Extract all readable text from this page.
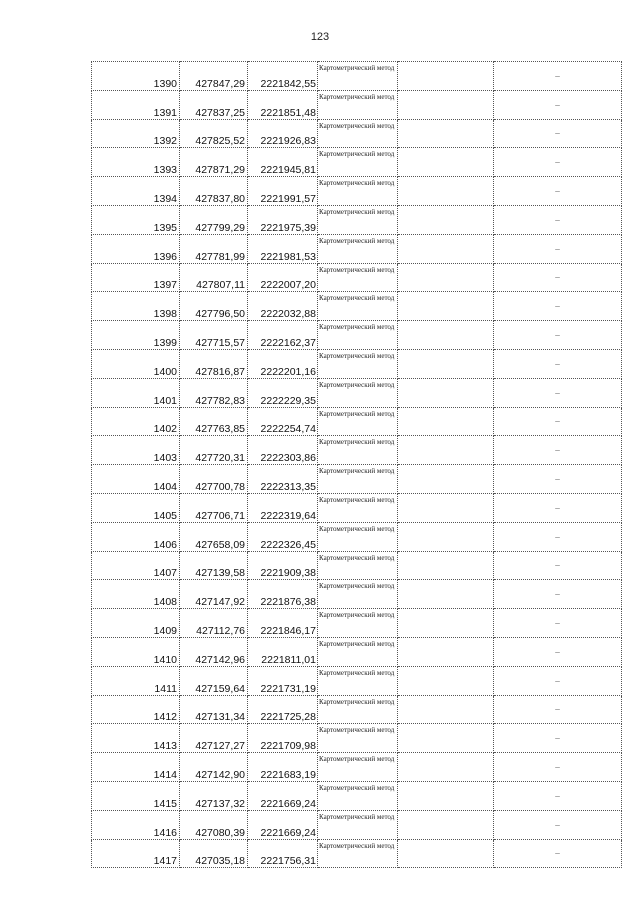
123
1390	427847,29	2221842,55	Картометрический метод		–
1391	427837,25	2221851,48	Картометрический метод		–
1392	427825,52	2221926,83	Картометрический метод		–
1393	427871,29	2221945,81	Картометрический метод		–
1394	427837,80	2221991,57	Картометрический метод		–
1395	427799,29	2221975,39	Картометрический метод		–
1396	427781,99	2221981,53	Картометрический метод		–
1397	427807,11	2222007,20	Картометрический метод		–
1398	427796,50	2222032,88	Картометрический метод		–
1399	427715,57	2222162,37	Картометрический метод		–
1400	427816,87	2222201,16	Картометрический метод		–
1401	427782,83	2222229,35	Картометрический метод		–
1402	427763,85	2222254,74	Картометрический метод		–
1403	427720,31	2222303,86	Картометрический метод		–
1404	427700,78	2222313,35	Картометрический метод		–
1405	427706,71	2222319,64	Картометрический метод		–
1406	427658,09	2222326,45	Картометрический метод		–
1407	427139,58	2221909,38	Картометрический метод		–
1408	427147,92	2221876,38	Картометрический метод		–
1409	427112,76	2221846,17	Картометрический метод		–
1410	427142,96	2221811,01	Картометрический метод		–
1411	427159,64	2221731,19	Картометрический метод		–
1412	427131,34	2221725,28	Картометрический метод		–
1413	427127,27	2221709,98	Картометрический метод		–
1414	427142,90	2221683,19	Картометрический метод		–
1415	427137,32	2221669,24	Картометрический метод		–
1416	427080,39	2221669,24	Картометрический метод		–
1417	427035,18	2221756,31	Картометрический метод		–
